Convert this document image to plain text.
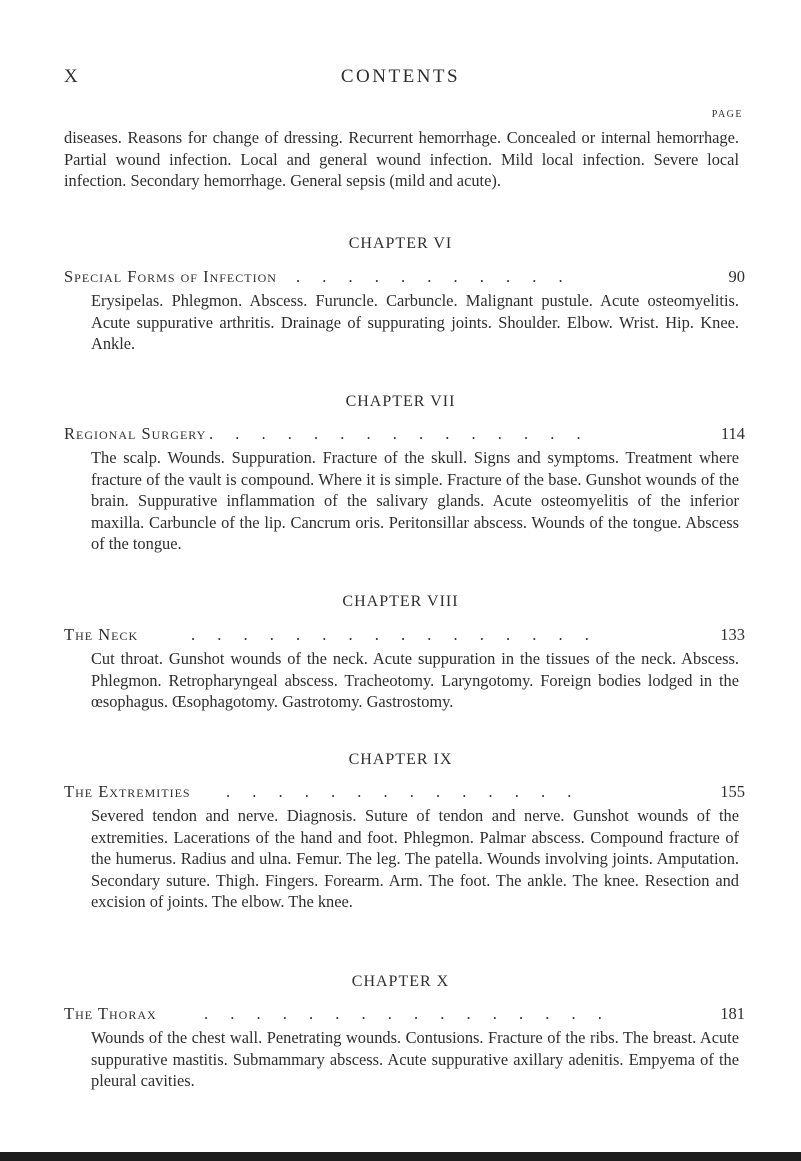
X	CONTENTS
PAGE

diseases. Reasons for change of dressing. Recurrent hemorrhage. Concealed or internal hemorrhage. Partial wound infection. Local and general wound infection. Mild local infection. Severe local infection. Secondary hemorrhage. General sepsis (mild and acute).

CHAPTER VI
Special Forms of Infection . . . . . . . . . . .	90

Erysipelas. Phlegmon. Abscess. Furuncle. Carbuncle. Malignant pustule. Acute osteomyelitis. Acute suppurative arthritis. Drainage of suppurating joints. Shoulder. Elbow. Wrist. Hip. Knee. Ankle.

CHAPTER VII
Regional Surgery . . . . . . . . . . . . . . .	114

The scalp. Wounds. Suppuration. Fracture of the skull. Signs and symptoms. Treatment where fracture of the vault is compound. Where it is simple. Fracture of the base. Gunshot wounds of the brain. Suppurative inflammation of the salivary glands. Acute osteomyelitis of the inferior maxilla. Carbuncle of the lip. Cancrum oris. Peritonsillar abscess. Wounds of the tongue. Abscess of the tongue.

CHAPTER VIII
The Neck	. . . . . . . . . . . . . . . .	133

Cut throat. Gunshot wounds of the neck. Acute suppuration in the tissues of the neck. Abscess. Phlegmon. Retropharyngeal abscess. Tracheotomy. Laryngotomy. Foreign bodies lodged in the œsophagus. Œsophagotomy. Gastrotomy. Gastrostomy.

CHAPTER IX
The Extremities . . . . . . . . . . . . . .	155

Severed tendon and nerve. Diagnosis. Suture of tendon and nerve. Gunshot wounds of the extremities. Lacerations of the hand and foot. Phlegmon. Palmar abscess. Compound fracture of the humerus. Radius and ulna. Femur. The leg. The patella. Wounds involving joints. Amputation. Secondary suture. Thigh. Fingers. Forearm. Arm. The foot. The ankle. The knee. Resection and excision of joints. The elbow. The knee.

CHAPTER X
The Thorax	. . . . . . . . . . . . . . . .	181

Wounds of the chest wall. Penetrating wounds. Contusions. Fracture of the ribs. The breast. Acute suppurative mastitis. Submammary abscess. Acute suppurative axillary adenitis. Empyema of the pleural cavities.
